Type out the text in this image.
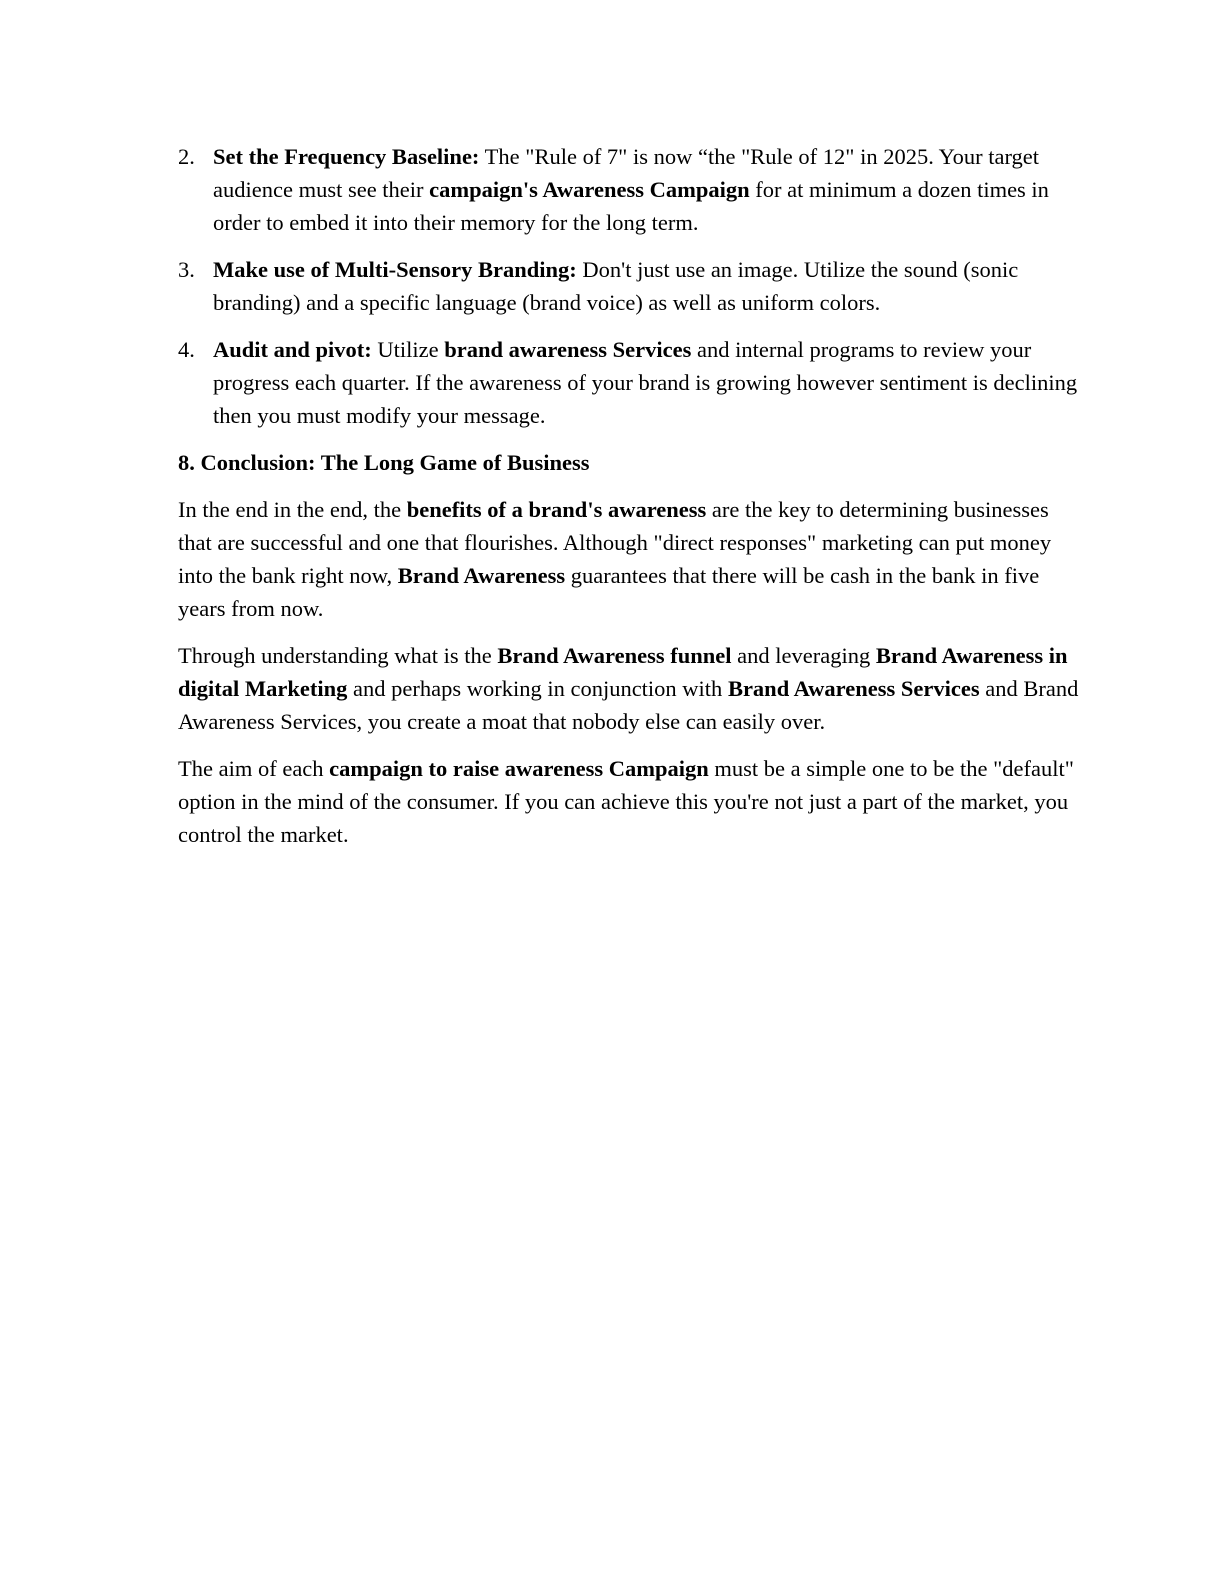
2. Set the Frequency Baseline: The "Rule of 7" is now “the "Rule of 12" in 2025. Your target audience must see their campaign's Awareness Campaign for at minimum a dozen times in order to embed it into their memory for the long term.
3. Make use of Multi-Sensory Branding: Don't just use an image. Utilize the sound (sonic branding) and a specific language (brand voice) as well as uniform colors.
4. Audit and pivot: Utilize brand awareness Services and internal programs to review your progress each quarter. If the awareness of your brand is growing however sentiment is declining then you must modify your message.
8. Conclusion: The Long Game of Business

In the end in the end, the benefits of a brand's awareness are the key to determining businesses that are successful and one that flourishes. Although "direct responses" marketing can put money into the bank right now, Brand Awareness guarantees that there will be cash in the bank in five years from now.

Through understanding what is the Brand Awareness funnel and leveraging Brand Awareness in digital Marketing and perhaps working in conjunction with Brand Awareness Services and Brand Awareness Services, you create a moat that nobody else can easily over.

The aim of each campaign to raise awareness Campaign must be a simple one to be the "default" option in the mind of the consumer. If you can achieve this you're not just a part of the market, you control the market.
